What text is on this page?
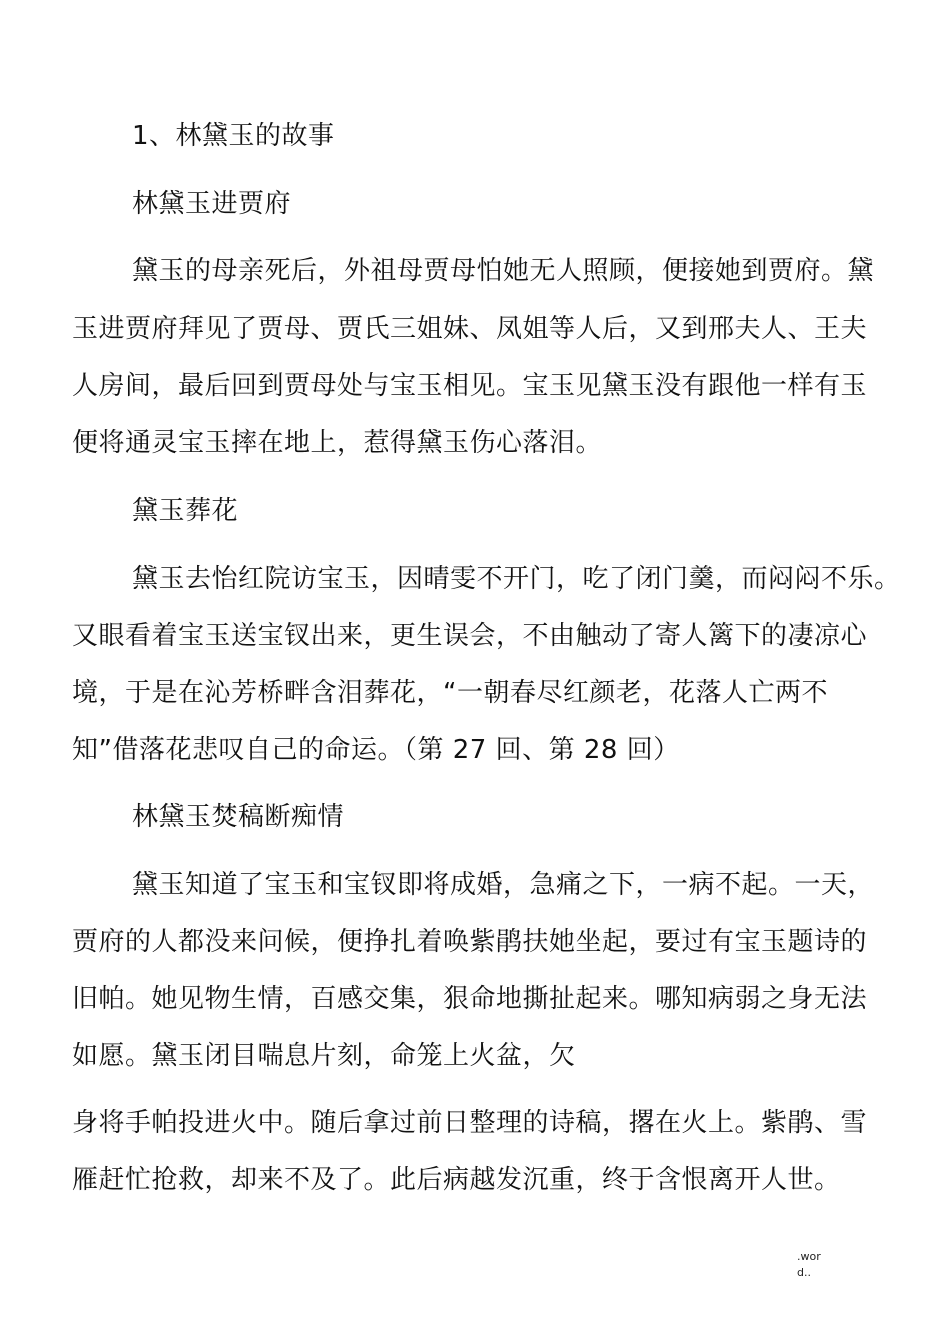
1、林黛玉的故事
林黛玉进贾府
黛玉的母亲死后，外祖母贾母怕她无人照顾，便接她到贾府。黛
玉进贾府拜见了贾母、贾氏三姐妹、凤姐等人后，又到邢夫人、王夫
人房间，最后回到贾母处与宝玉相见。宝玉见黛玉没有跟他一样有玉
便将通灵宝玉摔在地上，惹得黛玉伤心落泪。
黛玉葬花
黛玉去怡红院访宝玉，因晴雯不开门，吃了闭门羹，而闷闷不乐。
又眼看着宝玉送宝钗出来，更生误会，不由触动了寄人篱下的凄凉心
境，于是在沁芳桥畔含泪葬花，“一朝春尽红颜老，花落人亡两不
知”借落花悲叹自己的命运。（第 27 回、第 28 回）
林黛玉焚稿断痴情
黛玉知道了宝玉和宝钗即将成婚，急痛之下，一病不起。一天，
贾府的人都没来问候，便挣扎着唤紫鹃扶她坐起，要过有宝玉题诗的
旧帕。她见物生情，百感交集，狠命地撕扯起来。哪知病弱之身无法
如愿。黛玉闭目喘息片刻，命笼上火盆，欠
身将手帕投进火中。随后拿过前日整理的诗稿，撂在火上。紫鹃、雪
雁赶忙抢救，却来不及了。此后病越发沉重，终于含恨离开人世。
.wor
d..
